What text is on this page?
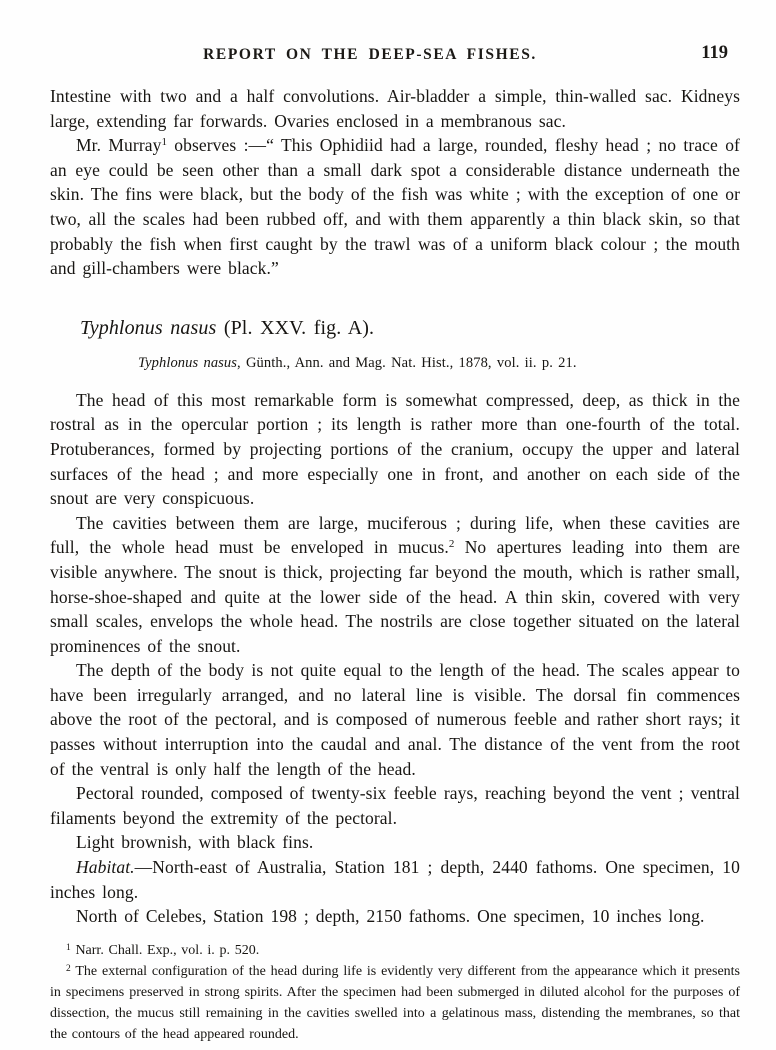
REPORT ON THE DEEP-SEA FISHES.	119

Intestine with two and a half convolutions. Air-bladder a simple, thin-walled sac. Kidneys large, extending far forwards. Ovaries enclosed in a membranous sac.

Mr. Murray$^1$ observes :—“ This Ophidiid had a large, rounded, fleshy head ; no trace of an eye could be seen other than a small dark spot a considerable distance underneath the skin. The fins were black, but the body of the fish was white ; with the exception of one or two, all the scales had been rubbed off, and with them apparently a thin black skin, so that probably the fish when first caught by the trawl was of a uniform black colour ; the mouth and gill-chambers were black.”

Typhlonus nasus (Pl. XXV. fig. A).

Typhlonus nasus, Günth., Ann. and Mag. Nat. Hist., 1878, vol. ii. p. 21.

The head of this most remarkable form is somewhat compressed, deep, as thick in the rostral as in the opercular portion ; its length is rather more than one-fourth of the total. Protuberances, formed by projecting portions of the cranium, occupy the upper and lateral surfaces of the head ; and more especially one in front, and another on each side of the snout are very conspicuous.

The cavities between them are large, muciferous ; during life, when these cavities are full, the whole head must be enveloped in mucus.$^2$ No apertures leading into them are visible anywhere. The snout is thick, projecting far beyond the mouth, which is rather small, horse-shoe-shaped and quite at the lower side of the head. A thin skin, covered with very small scales, envelops the whole head. The nostrils are close together situated on the lateral prominences of the snout.

The depth of the body is not quite equal to the length of the head. The scales appear to have been irregularly arranged, and no lateral line is visible. The dorsal fin commences above the root of the pectoral, and is composed of numerous feeble and rather short rays; it passes without interruption into the caudal and anal. The distance of the vent from the root of the ventral is only half the length of the head.

Pectoral rounded, composed of twenty-six feeble rays, reaching beyond the vent ; ventral filaments beyond the extremity of the pectoral.

Light brownish, with black fins.

Habitat.—North-east of Australia, Station 181 ; depth, 2440 fathoms. One specimen, 10 inches long.

North of Celebes, Station 198 ; depth, 2150 fathoms. One specimen, 10 inches long.

$^1$ Narr. Chall. Exp., vol. i. p. 520.

$^2$ The external configuration of the head during life is evidently very different from the appearance which it presents in specimens preserved in strong spirits. After the specimen had been submerged in diluted alcohol for the purposes of dissection, the mucus still remaining in the cavities swelled into a gelatinous mass, distending the membranes, so that the contours of the head appeared rounded.
